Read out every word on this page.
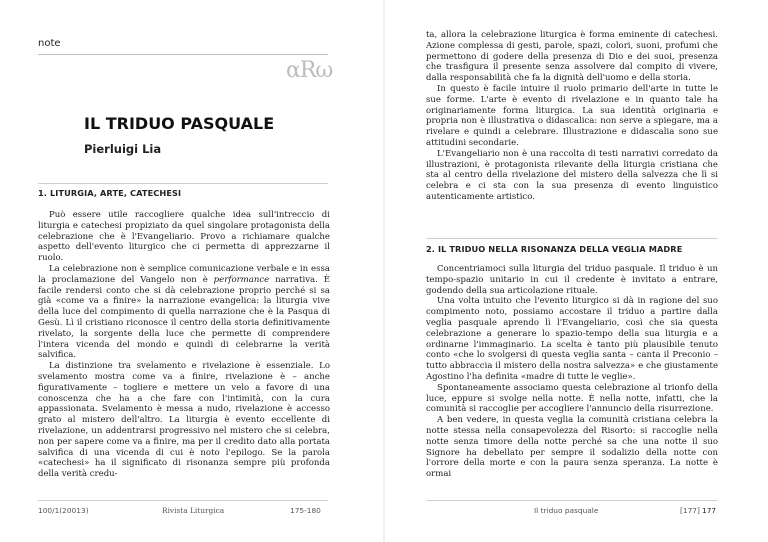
note
αRω
IL TRIDUO PASQUALE
Pierluigi Lia
1. LITURGIA, ARTE, CATECHESI

Può essere utile raccogliere qualche idea sull'intreccio di liturgia e catechesi propiziato da quel singolare protagonista della celebrazione che è l'Evangeliario. Provo a richiamare qualche aspetto dell'evento liturgico che ci permetta di apprezzarne il ruolo.

La celebrazione non è semplice comunicazione verbale e in essa la proclamazione del Vangelo non è performance narrativa. È facile rendersi conto che si dà celebrazione proprio perché si sa già «come va a finire» la narrazione evangelica: la liturgia vive della luce del compimento di quella narrazione che è la Pasqua di Gesù. Lì il cristiano riconosce il centro della storia definitivamente rivelato, la sorgente della luce che permette di comprendere l'intera vicenda del mondo e quindi di celebrarne la verità salvifica.

La distinzione tra svelamento e rivelazione è essenziale. Lo svelamento mostra come va a finire, rivelazione è – anche figurativamente – togliere e mettere un velo a favore di una conoscenza che ha a che fare con l'intimità, con la cura appassionata. Svelamento è messa a nudo, rivelazione è accesso grato al mistero dell'altro. La liturgia è evento eccellente di rivelazione, un addentrarsi progressivo nel mistero che si celebra, non per sapere come va a finire, ma per il credito dato alla portata salvifica di una vicenda di cui è noto l'epilogo. Se la parola «catechesi» ha il significato di risonanza sempre più profonda della verità credu-

100/1(20013)	Rivista Liturgica	175-180

ta, allora la celebrazione liturgica è forma eminente di catechesi. Azione complessa di gesti, parole, spazi, colori, suoni, profumi che permettono di godere della presenza di Dio e dei suoi, presenza che trasfigura il presente senza assolvere dal compito di vivere, dalla responsabilità che fa la dignità dell'uomo e della storia.

In questo è facile intuire il ruolo primario dell'arte in tutte le sue forme. L'arte è evento di rivelazione e in quanto tale ha originariamente forma liturgica. La sua identità originaria e propria non è illustrativa o didascalica: non serve a spiegare, ma a rivelare e quindi a celebrare. Illustrazione e didascalia sono sue attitudini secondarie.

L'Evangeliario non è una raccolta di testi narrativi corredato da illustrazioni, è protagonista rilevante della liturgia cristiana che sta al centro della rivelazione del mistero della salvezza che lì si celebra e ci sta con la sua presenza di evento linguistico autenticamente artistico.

2. IL TRIDUO NELLA RISONANZA DELLA VEGLIA MADRE

Concentriamoci sulla liturgia del triduo pasquale. Il triduo è un tempo-spazio unitario in cui il credente è invitato a entrare, godendo della sua articolazione rituale.

Una volta intuito che l'evento liturgico si dà in ragione del suo compimento noto, possiamo accostare il triduo a partire dalla veglia pasquale aprendo lì l'Evangeliario, così che sia questa celebrazione a generare lo spazio-tempo della sua liturgia e a ordinarne l'immaginario. La scelta è tanto più plausibile tenuto conto «che lo svolgersi di questa veglia santa – canta il Preconio – tutto abbraccia il mistero della nostra salvezza» e che giustamente Agostino l'ha definita «madre di tutte le veglie».

Spontaneamente associamo questa celebrazione al trionfo della luce, eppure si svolge nella notte. È nella notte, infatti, che la comunità si raccoglie per accogliere l'annuncio della risurrezione.

A ben vedere, in questa veglia la comunità cristiana celebra la notte stessa nella consapevolezza del Risorto: si raccoglie nella notte senza timore della notte perché sa che una notte il suo Signore ha debellato per sempre il sodalizio della notte con l'orrore della morte e con la paura senza speranza. La notte è ormai

Il triduo pasquale	[177] 177
